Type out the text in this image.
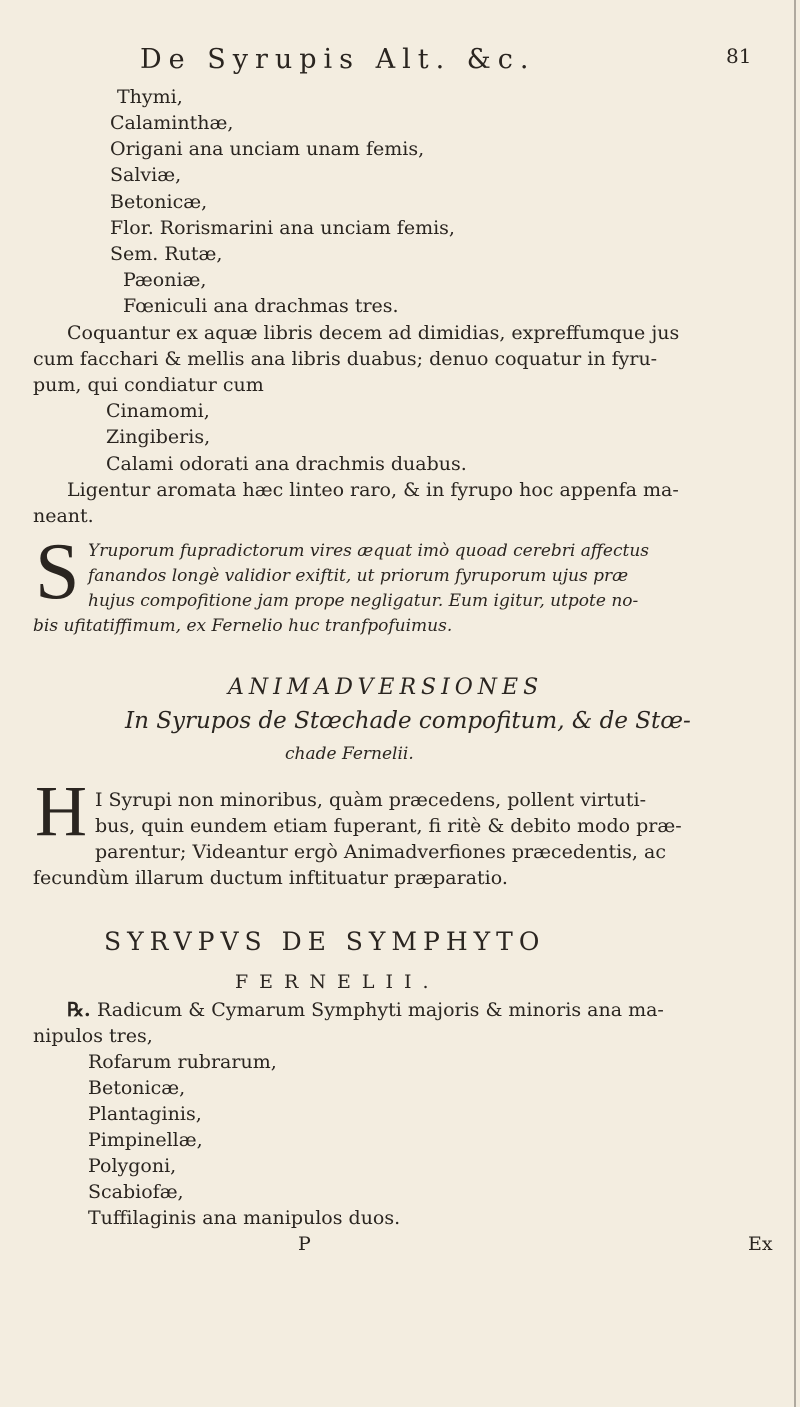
De Syrupis Alt. &c.	81
Thymi,
Calaminthæ,
Origani ana unciam unam femis,
Salviæ,
Betonicæ,
Flor. Rorismarini ana unciam femis,
Sem. Rutæ,
Pæoniæ,
Fœniculi ana drachmas tres.
Coquantur ex aquæ libris decem ad dimidias, expreffumque jus
cum facchari & mellis ana libris duabus; denuo coquatur in fyru-
pum, qui condiatur cum
Cinamomi,
Zingiberis,
Calami odorati ana drachmis duabus.
Ligentur aromata hæc linteo raro, & in fyrupo hoc appenfa ma-
neant.
S Yruporum fupradictorum vires æquat imò quoad cerebri affectus
fanandos longè validior exiftit, ut priorum fyruporum ujus præ
hujus compofitione jam prope negligatur. Eum igitur, utpote no-
bis ufitatiffimum, ex Fernelio huc tranfpofuimus.
ANIMADVERSIONES
In Syrupos de Stœchade compofitum, & de Stœ-
chade Fernelii.
H I Syrupi non minoribus, quàm præcedens, pollent virtuti-
bus, quin eundem etiam fuperant, fi ritè & debito modo præ-
parentur; Videantur ergò Animadverfiones præcedentis, ac
fecundùm illarum ductum inftituatur præparatio.
SYRVPVS DE SYMPHYTO
FERNELII.
℞. Radicum & Cymarum Symphyti majoris & minoris ana ma-
nipulos tres,
Rofarum rubrarum,
Betonicæ,
Plantaginis,
Pimpinellæ,
Polygoni,
Scabiofæ,
Tuffilaginis ana manipulos duos.
P	Ex
